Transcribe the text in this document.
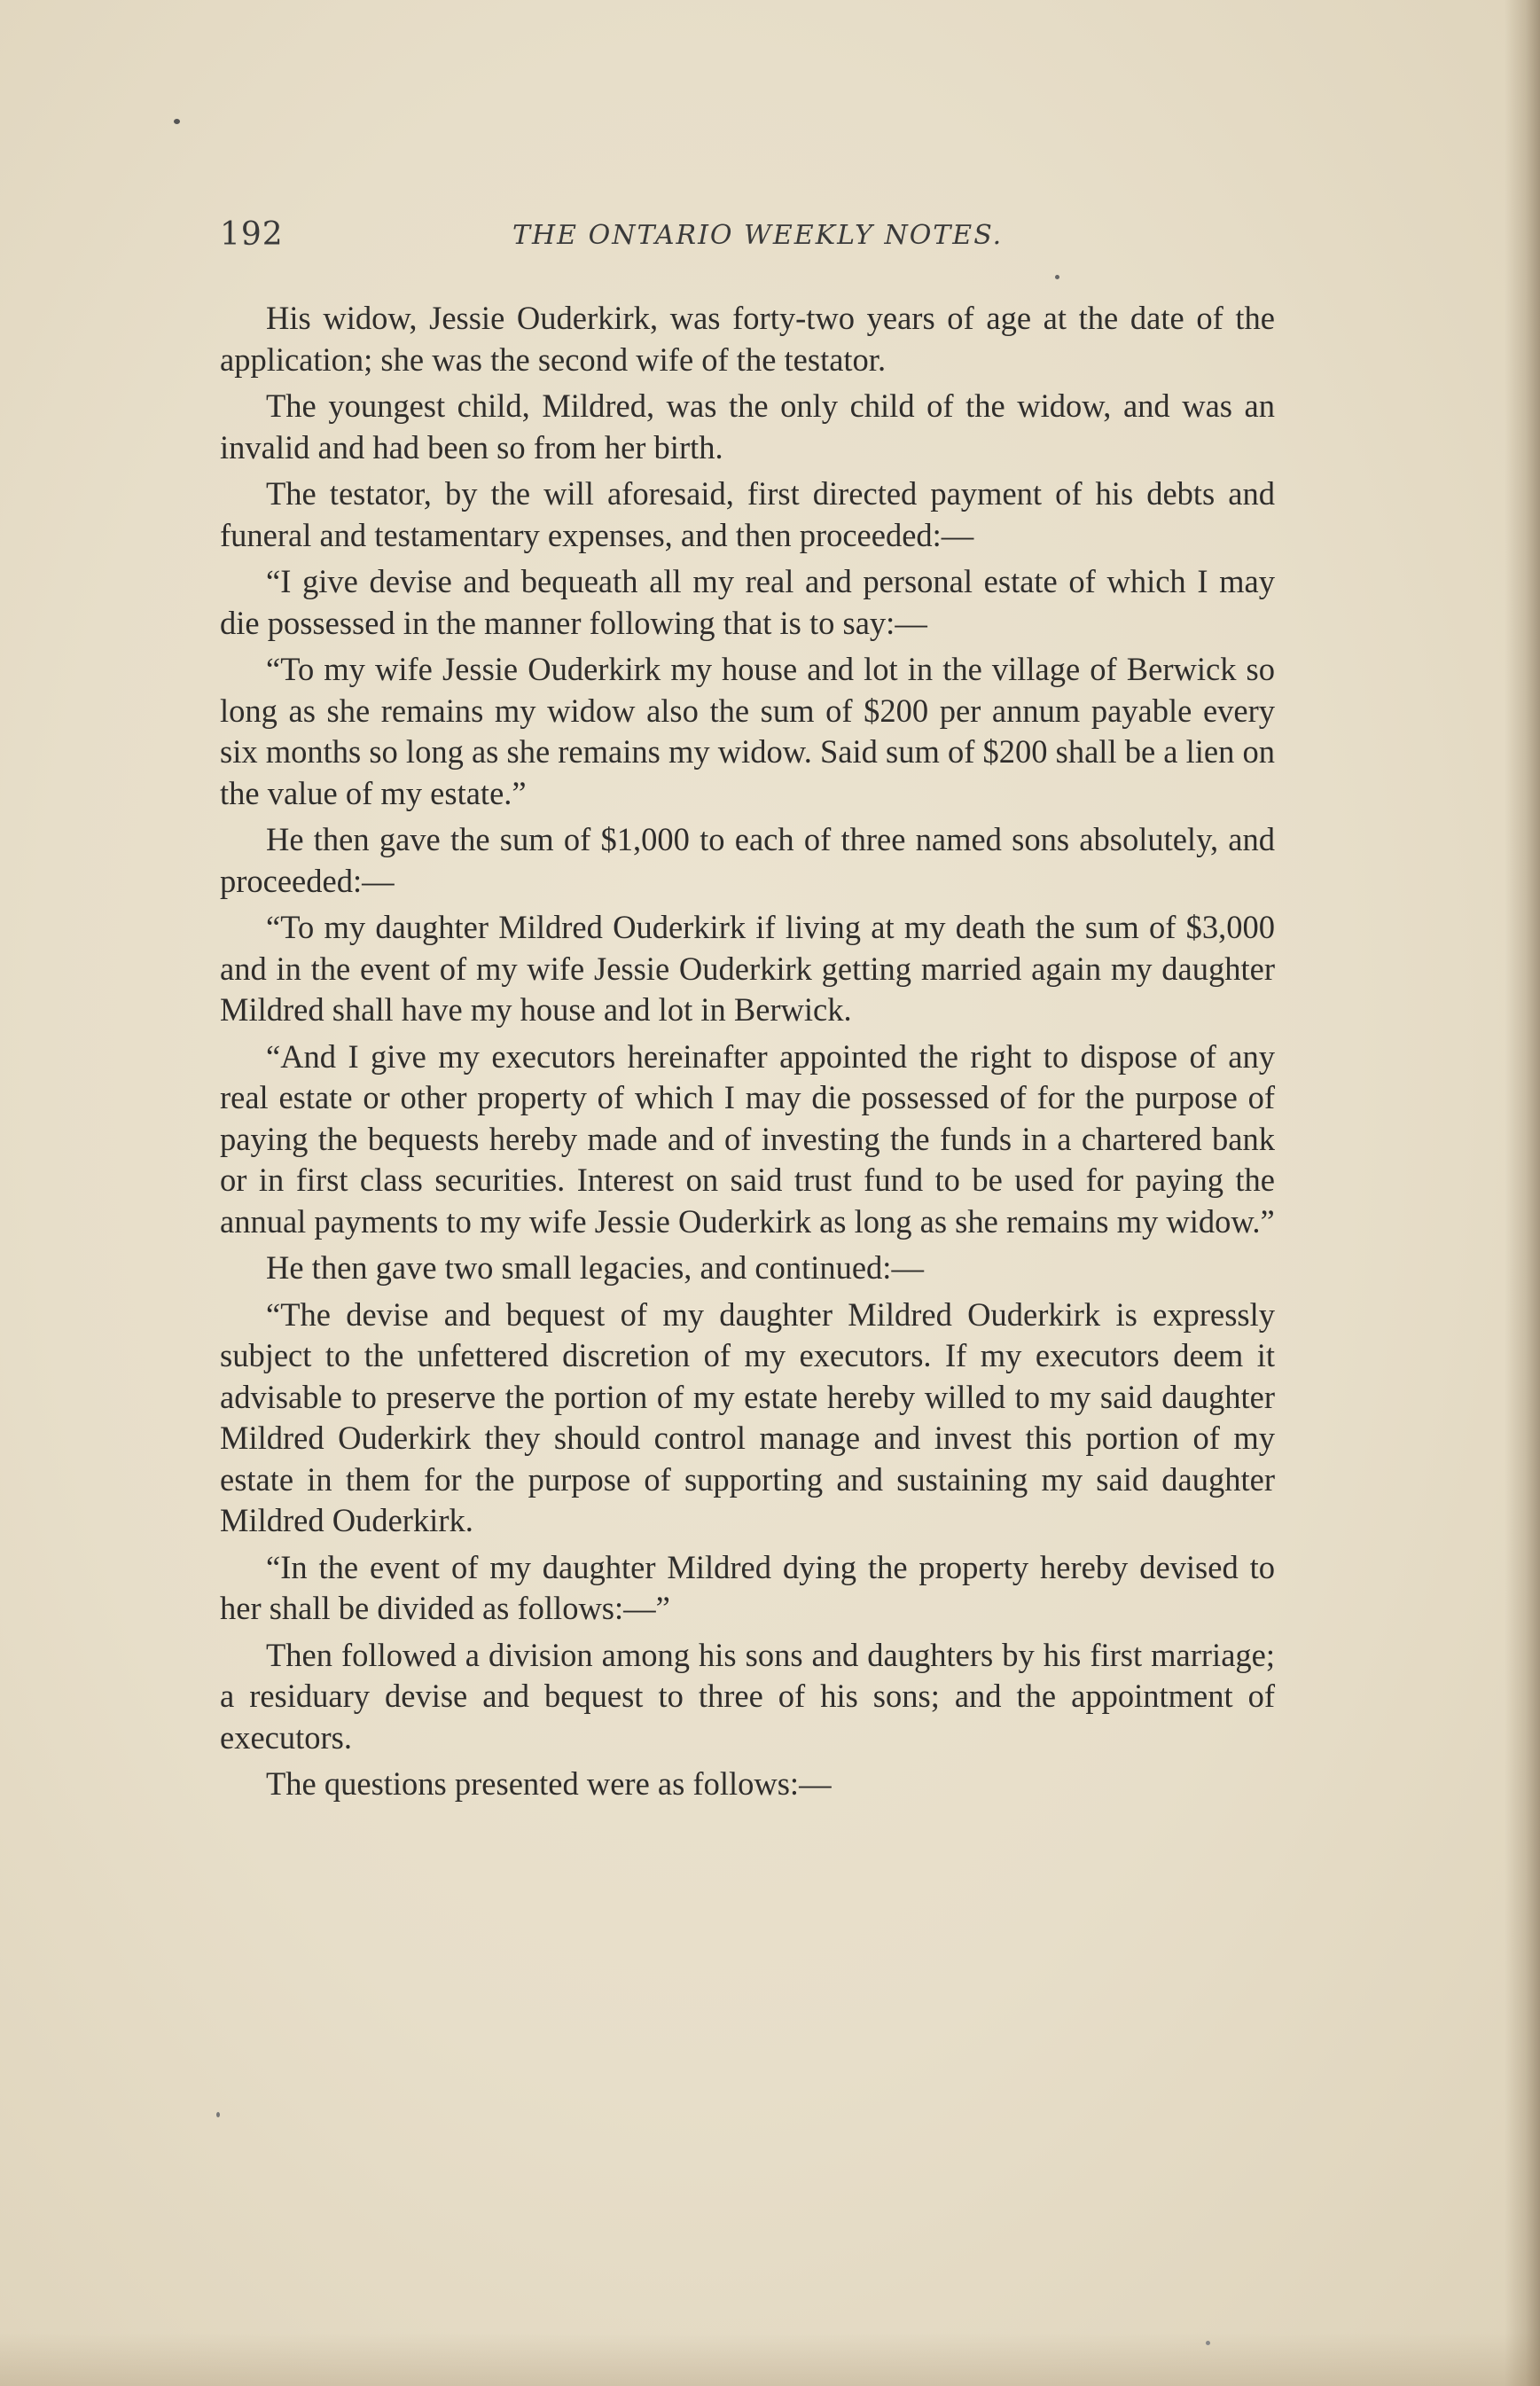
192	THE ONTARIO WEEKLY NOTES.

His widow, Jessie Ouderkirk, was forty-two years of age at the date of the application; she was the second wife of the testator.

The youngest child, Mildred, was the only child of the widow, and was an invalid and had been so from her birth.

The testator, by the will aforesaid, first directed payment of his debts and funeral and testamentary expenses, and then proceeded:—

“I give devise and bequeath all my real and personal estate of which I may die possessed in the manner following that is to say:—

“To my wife Jessie Ouderkirk my house and lot in the village of Berwick so long as she remains my widow also the sum of $200 per annum payable every six months so long as she remains my widow. Said sum of $200 shall be a lien on the value of my estate.”

He then gave the sum of $1,000 to each of three named sons absolutely, and proceeded:—

“To my daughter Mildred Ouderkirk if living at my death the sum of $3,000 and in the event of my wife Jessie Ouderkirk getting married again my daughter Mildred shall have my house and lot in Berwick.

“And I give my executors hereinafter appointed the right to dispose of any real estate or other property of which I may die possessed of for the purpose of paying the bequests hereby made and of investing the funds in a chartered bank or in first class securities. Interest on said trust fund to be used for paying the annual payments to my wife Jessie Ouderkirk as long as she remains my widow.”

He then gave two small legacies, and continued:—

“The devise and bequest of my daughter Mildred Ouderkirk is expressly subject to the unfettered discretion of my executors. If my executors deem it advisable to preserve the portion of my estate hereby willed to my said daughter Mildred Ouderkirk they should control manage and invest this portion of my estate in them for the purpose of supporting and sustaining my said daughter Mildred Ouderkirk.

“In the event of my daughter Mildred dying the property hereby devised to her shall be divided as follows:—”

Then followed a division among his sons and daughters by his first marriage; a residuary devise and bequest to three of his sons; and the appointment of executors.

The questions presented were as follows:—
